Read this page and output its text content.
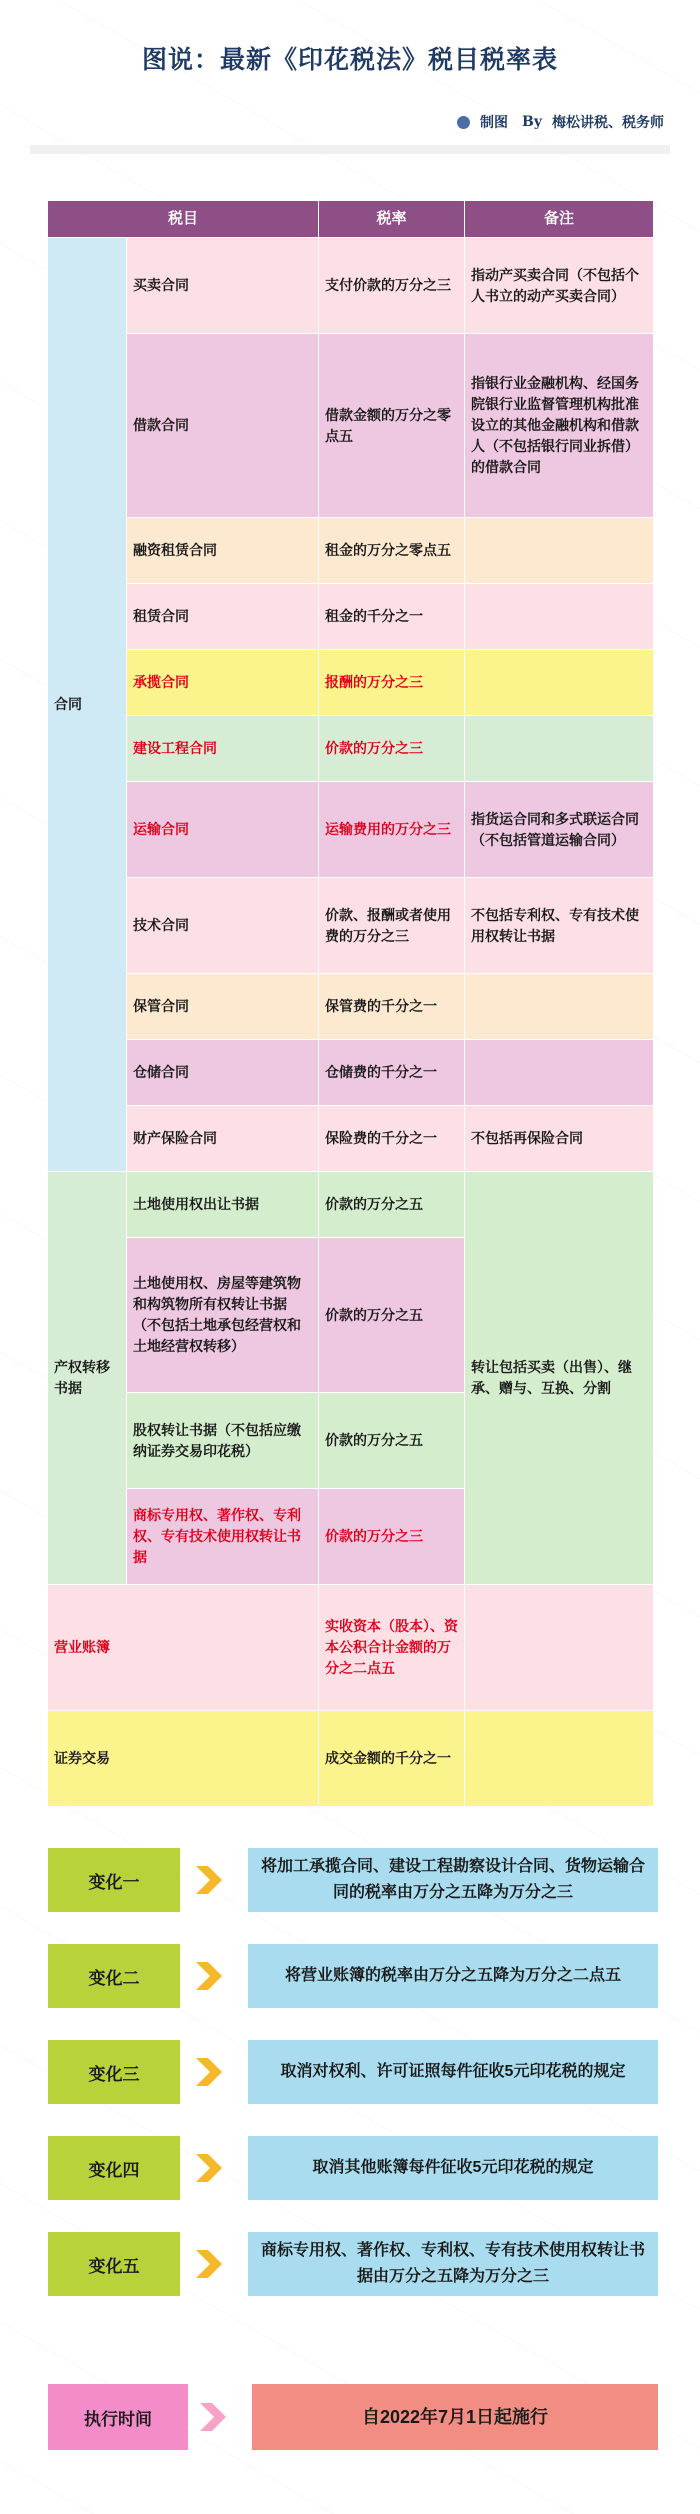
图说：最新《印花税法》税目税率表
制图 By 梅松讲税、税务师
税目		税率	备注
合同	买卖合同	支付价款的万分之三	指动产买卖合同（不包括个人书立的动产买卖合同）
	借款合同	借款金额的万分之零点五	指银行业金融机构、经国务院银行业监督管理机构批准设立的其他金融机构和借款人（不包括银行同业拆借）的借款合同
	融资租赁合同	租金的万分之零点五	
	租赁合同	租金的千分之一	
	承揽合同	报酬的万分之三	
	建设工程合同	价款的万分之三	
	运输合同	运输费用的万分之三	指货运合同和多式联运合同（不包括管道运输合同）
	技术合同	价款、报酬或者使用费的万分之三	不包括专利权、专有技术使用权转让书据
	保管合同	保管费的千分之一	
	仓储合同	仓储费的千分之一	
	财产保险合同	保险费的千分之一	不包括再保险合同
产权转移书据	土地使用权出让书据	价款的万分之五	转让包括买卖（出售）、继承、赠与、互换、分割
	土地使用权、房屋等建筑物和构筑物所有权转让书据（不包括土地承包经营权和土地经营权转移）	价款的万分之五	
	股权转让书据（不包括应缴纳证券交易印花税）	价款的万分之五	
	商标专用权、著作权、专利权、专有技术使用权转让书据	价款的万分之三	
营业账簿		实收资本（股本）、资本公积合计金额的万分之二点五	
证券交易		成交金额的千分之一	
变化一
将加工承揽合同、建设工程勘察设计合同、货物运输合同的税率由万分之五降为万分之三
变化二	将营业账簿的税率由万分之五降为万分之二点五
变化三	取消对权利、许可证照每件征收5元印花税的规定
变化四	取消其他账簿每件征收5元印花税的规定
变化五
商标专用权、著作权、专利权、专有技术使用权转让书据由万分之五降为万分之三
执行时间	自2022年7月1日起施行
